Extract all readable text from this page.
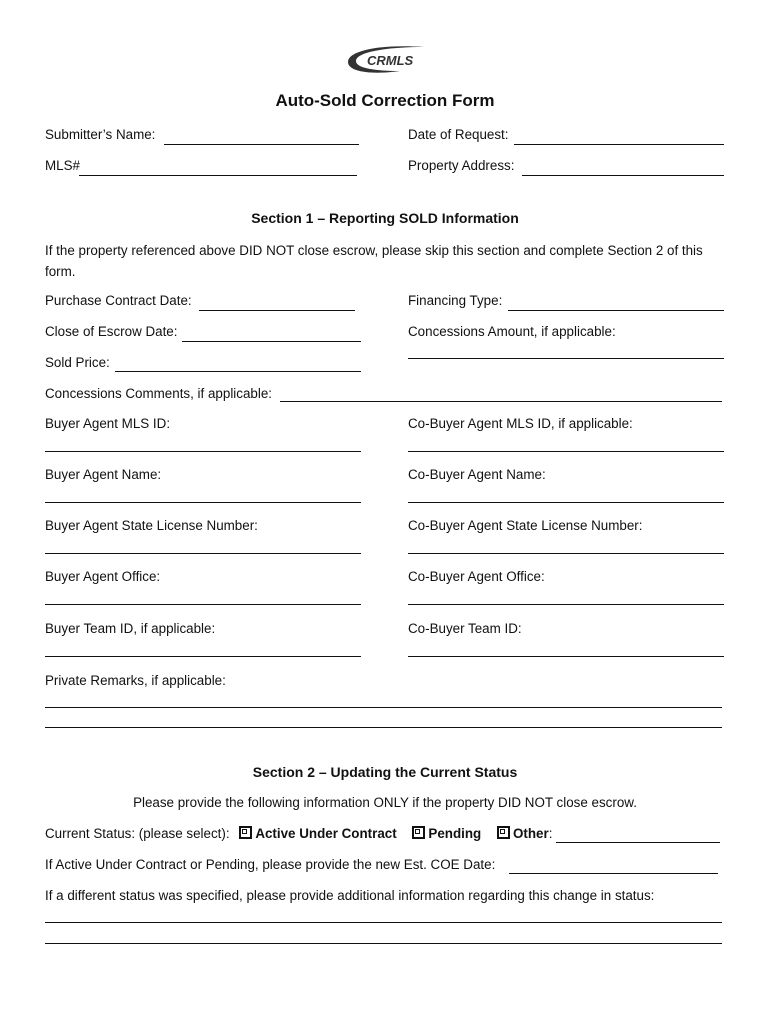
CRMLS
Auto-Sold Correction Form
Submitter’s Name:	Date of Request:
MLS#	Property Address:
Section 1 – Reporting SOLD Information
If the property referenced above DID NOT close escrow, please skip this section and complete Section 2 of this form.
Purchase Contract Date:	Financing Type:
Close of Escrow Date:	Concessions Amount, if applicable:
Sold Price:
Concessions Comments, if applicable:
Buyer Agent MLS ID:	Co-Buyer Agent MLS ID, if applicable:
Buyer Agent Name:	Co-Buyer Agent Name:
Buyer Agent State License Number:	Co-Buyer Agent State License Number:
Buyer Agent Office:	Co-Buyer Agent Office:
Buyer Team ID, if applicable:	Co-Buyer Team ID:
Private Remarks, if applicable:
Section 2 – Updating the Current Status
Please provide the following information ONLY if the property DID NOT close escrow.
Current Status: (please select): Active Under Contract Pending Other:
If Active Under Contract or Pending, please provide the new Est. COE Date:
If a different status was specified, please provide additional information regarding this change in status:
